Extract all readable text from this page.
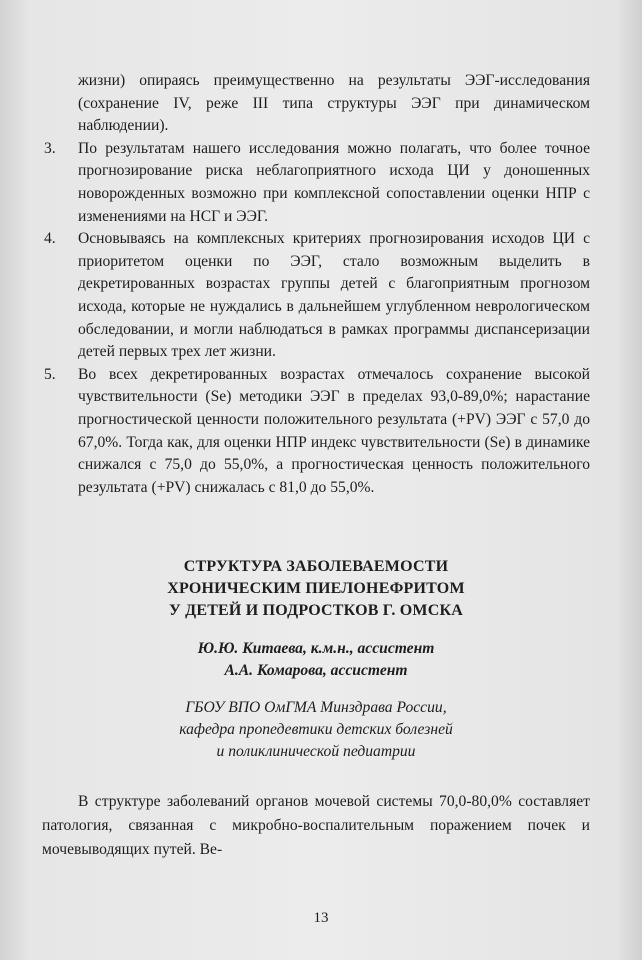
жизни) опираясь преимущественно на результаты ЭЭГ-исследования (сохранение IV, реже III типа структуры ЭЭГ при динамическом наблюдении).

3. По результатам нашего исследования можно полагать, что более точное прогнозирование риска неблагоприятного исхода ЦИ у доношенных новорожденных возможно при комплексной сопоставлении оценки НПР с изменениями на НСГ и ЭЭГ.
4. Основываясь на комплексных критериях прогнозирования исходов ЦИ с приоритетом оценки по ЭЭГ, стало возможным выделить в декретированных возрастах группы детей с благоприятным прогнозом исхода, которые не нуждались в дальнейшем углубленном неврологическом обследовании, и могли наблюдаться в рамках программы диспансеризации детей первых трех лет жизни.
5. Во всех декретированных возрастах отмечалось сохранение высокой чувствительности (Se) методики ЭЭГ в пределах 93,0-89,0%; нарастание прогностической ценности положительного результата (+PV) ЭЭГ с 57,0 до 67,0%. Тогда как, для оценки НПР индекс чувствительности (Se) в динамике снижался с 75,0 до 55,0%, а прогностическая ценность положительного результата (+PV) снижалась с 81,0 до 55,0%.
СТРУКТУРА ЗАБОЛЕВАЕМОСТИ
ХРОНИЧЕСКИМ ПИЕЛОНЕФРИТОМ
У ДЕТЕЙ И ПОДРОСТКОВ Г. ОМСКА
Ю.Ю. Китаева, к.м.н., ассистент
А.А. Комарова, ассистент
ГБОУ ВПО ОмГМА Минздрава России,
кафедра пропедевтики детских болезней
и поликлинической педиатрии

В структуре заболеваний органов мочевой системы 70,0-80,0% составляет патология, связанная с микробно-воспалительным поражением почек и мочевыводящих путей. Ве-

13
